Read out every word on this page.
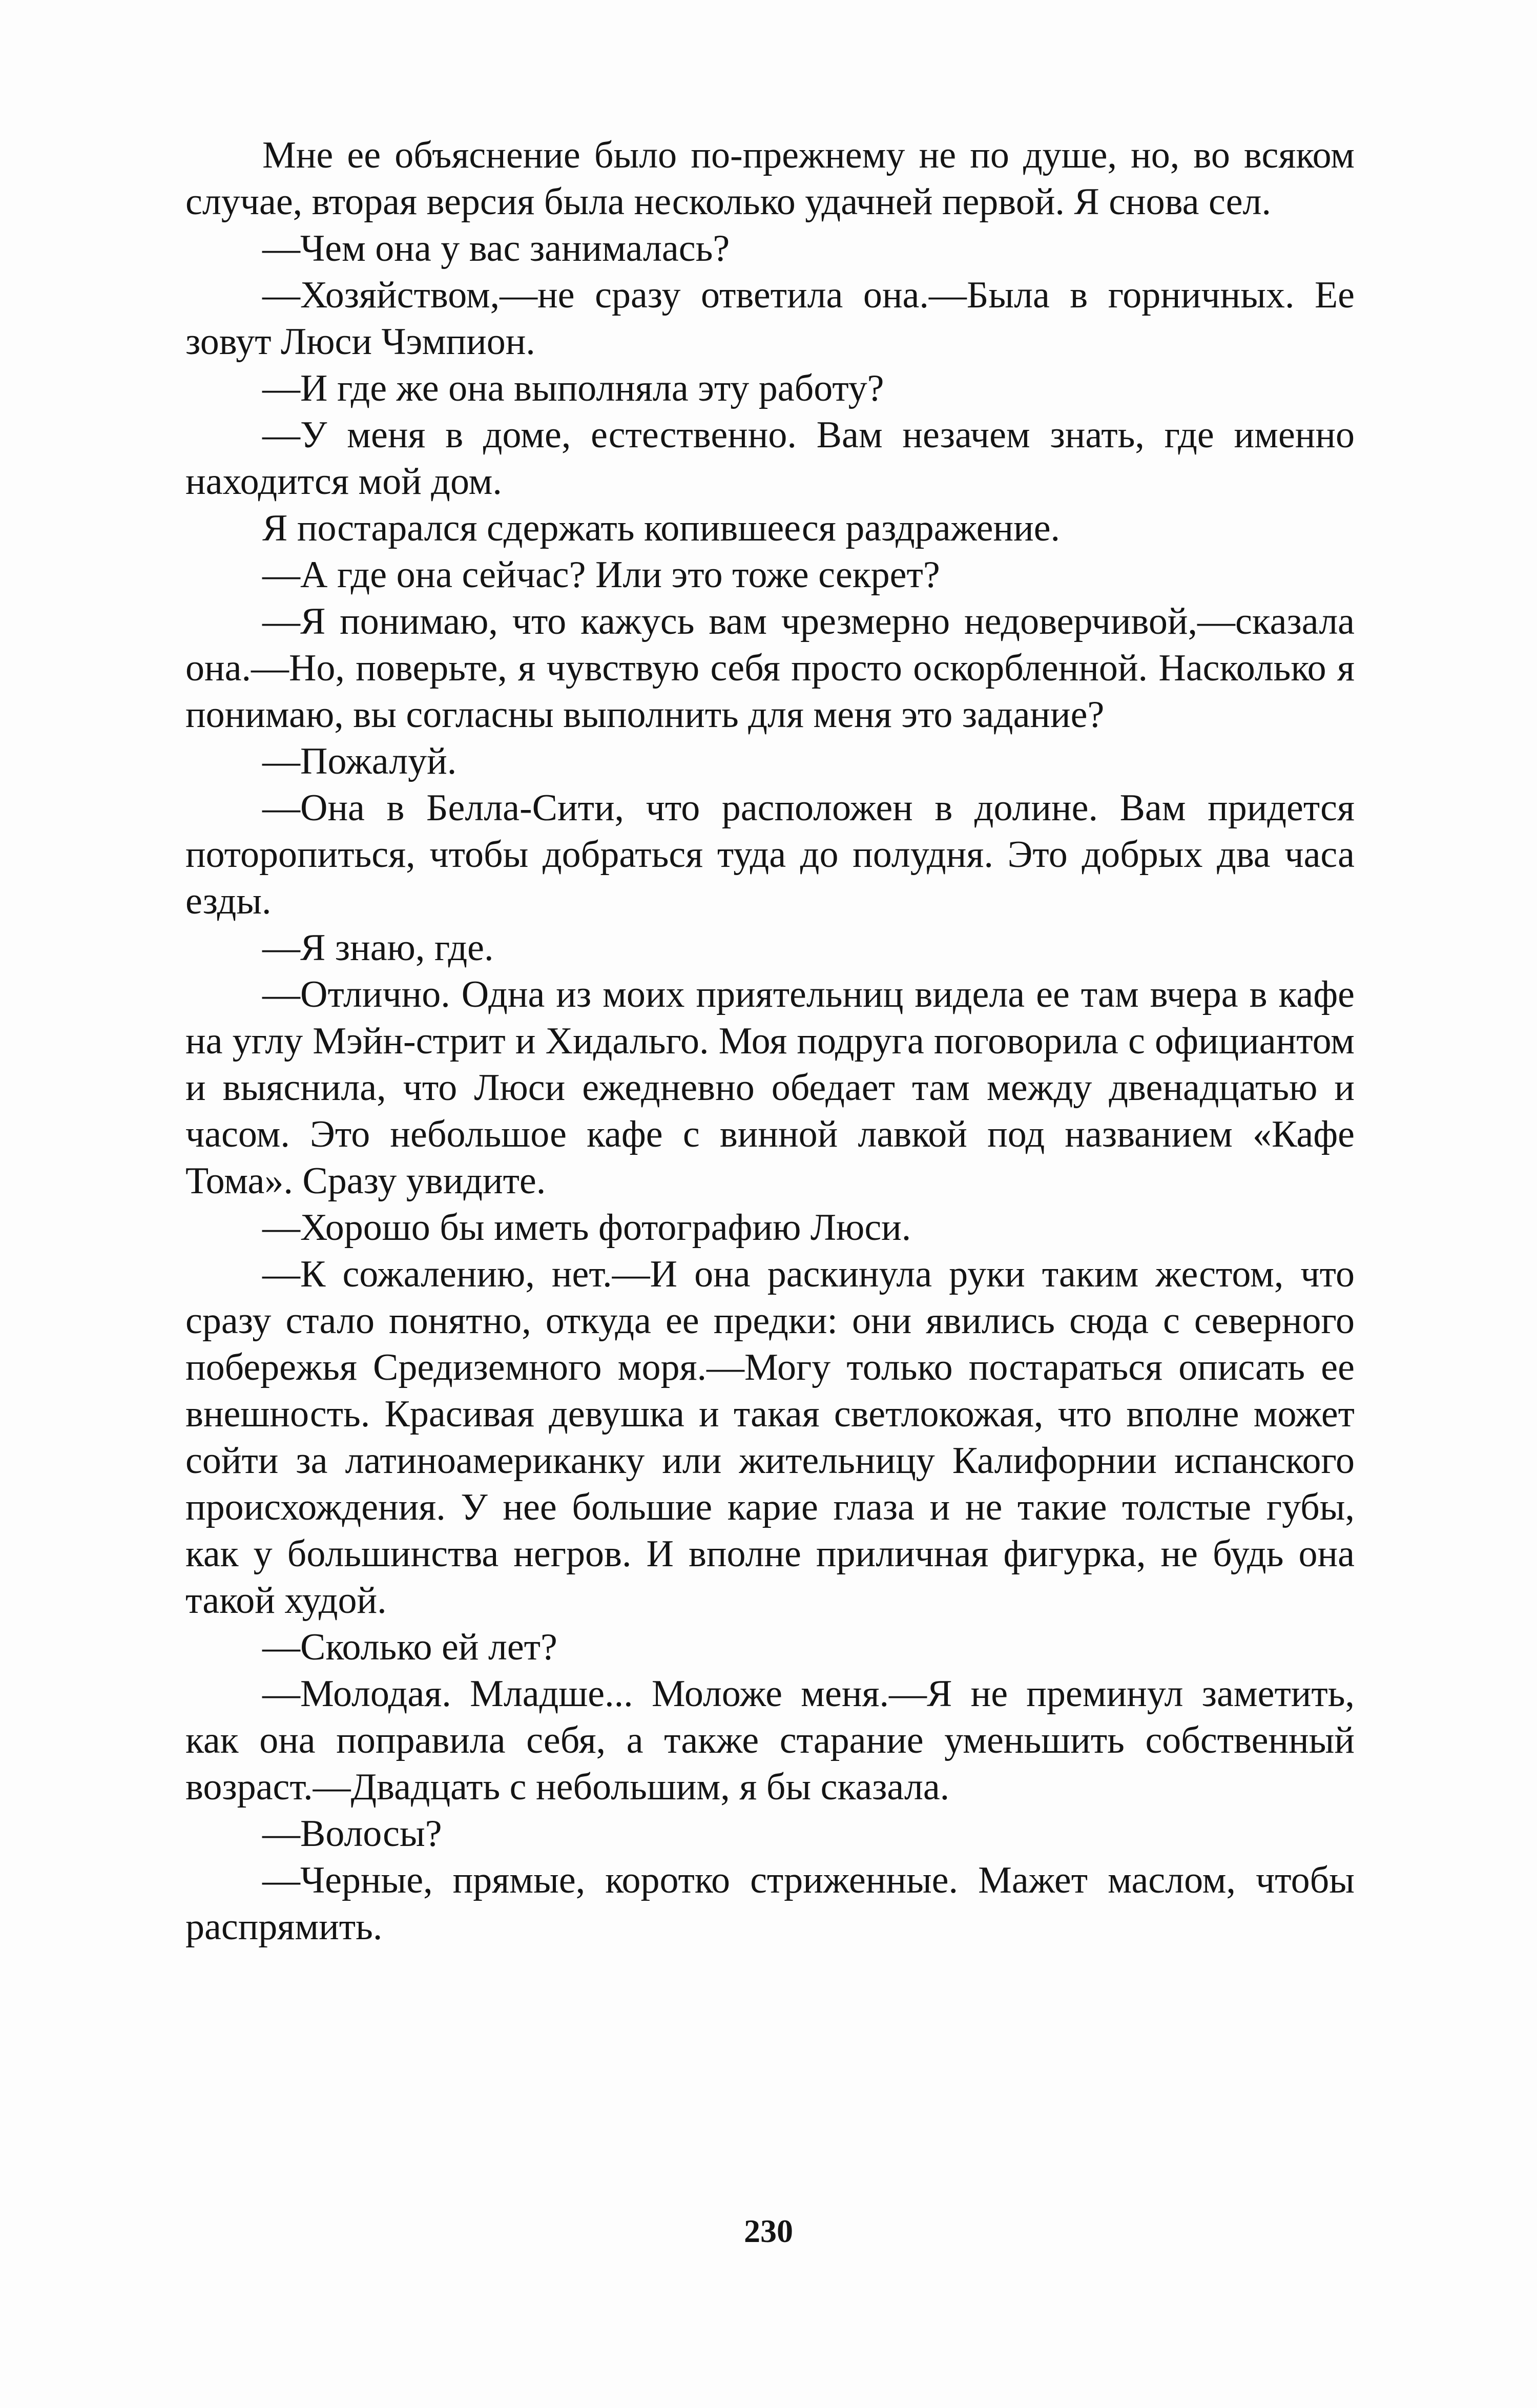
Мне ее объяснение было по-прежнему не по душе, но, во всяком случае, вторая версия была несколько удачней первой. Я снова сел.

—Чем она у вас занималась?

—Хозяйством,—не сразу ответила она.—Была в горничных. Ее зовут Люси Чэмпион.

—И где же она выполняла эту работу?

—У меня в доме, естественно. Вам незачем знать, где именно находится мой дом.

Я постарался сдержать копившееся раздражение.

—А где она сейчас? Или это тоже секрет?

—Я понимаю, что кажусь вам чрезмерно недоверчивой,—сказала она.—Но, поверьте, я чувствую себя просто оскорбленной. Насколько я понимаю, вы согласны выполнить для меня это задание?

—Пожалуй.

—Она в Белла-Сити, что расположен в долине. Вам придется поторопиться, чтобы добраться туда до полудня. Это добрых два часа езды.

—Я знаю, где.

—Отлично. Одна из моих приятельниц видела ее там вчера в кафе на углу Мэйн-стрит и Хидальго. Моя подруга поговорила с официантом и выяснила, что Люси ежедневно обедает там между двенадцатью и часом. Это небольшое кафе с винной лавкой под названием «Кафе Тома». Сразу увидите.

—Хорошо бы иметь фотографию Люси.

—К сожалению, нет.—И она раскинула руки таким жестом, что сразу стало понятно, откуда ее предки: они явились сюда с северного побережья Средиземного моря.—Могу только постараться описать ее внешность. Красивая девушка и такая светлокожая, что вполне может сойти за латиноамериканку или жительницу Калифорнии испанского происхождения. У нее большие карие глаза и не такие толстые губы, как у большинства негров. И вполне приличная фигурка, не будь она такой худой.

—Сколько ей лет?

—Молодая. Младше... Моложе меня.—Я не преминул заметить, как она поправила себя, а также старание уменьшить собственный возраст.—Двадцать с небольшим, я бы сказала.

—Волосы?

—Черные, прямые, коротко стриженные. Мажет маслом, чтобы распрямить.

230
